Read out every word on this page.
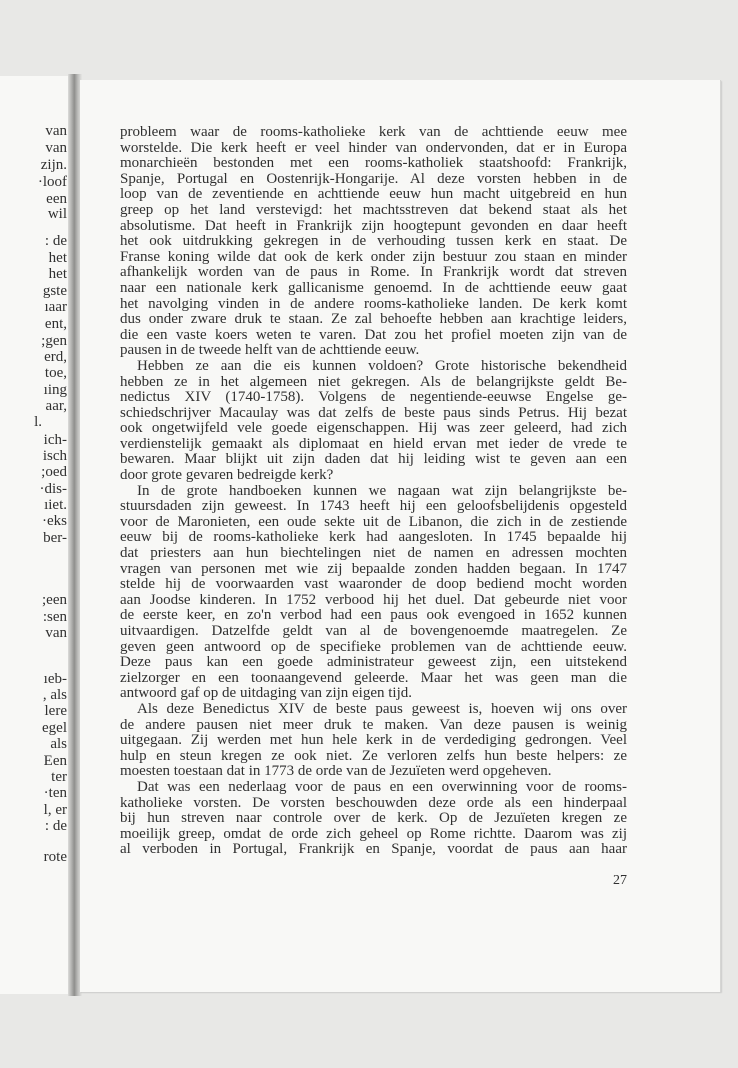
van
van
zijn.
·loof
een
wil
: de
het
het
gste
ıaar
ent,
;gen
erd,
toe,
ıing
aar,
l.
ich-
isch
;oed
·dis-
ıiet.
·eks
ber-
;een
:sen
van
ıeb-
, als
lere
egel
als
Een
ter
·ten
l, er
: de
rote
probleem waar de rooms-katholieke kerk van de achttiende eeuw mee
worstelde. Die kerk heeft er veel hinder van ondervonden, dat er in Europa
monarchieën bestonden met een rooms-katholiek staatshoofd: Frankrijk,
Spanje, Portugal en Oostenrijk-Hongarije. Al deze vorsten hebben in de
loop van de zeventiende en achttiende eeuw hun macht uitgebreid en hun
greep op het land verstevigd: het machtsstreven dat bekend staat als het
absolutisme. Dat heeft in Frankrijk zijn hoogtepunt gevonden en daar heeft
het ook uitdrukking gekregen in de verhouding tussen kerk en staat. De
Franse koning wilde dat ook de kerk onder zijn bestuur zou staan en minder
afhankelijk worden van de paus in Rome. In Frankrijk wordt dat streven
naar een nationale kerk gallicanisme genoemd. In de achttiende eeuw gaat
het navolging vinden in de andere rooms-katholieke landen. De kerk komt
dus onder zware druk te staan. Ze zal behoefte hebben aan krachtige leiders,
die een vaste koers weten te varen. Dat zou het profiel moeten zijn van de
pausen in de tweede helft van de achttiende eeuw.
Hebben ze aan die eis kunnen voldoen? Grote historische bekendheid
hebben ze in het algemeen niet gekregen. Als de belangrijkste geldt Be-
nedictus XIV (1740-1758). Volgens de negentiende-eeuwse Engelse ge-
schiedschrijver Macaulay was dat zelfs de beste paus sinds Petrus. Hij bezat
ook ongetwijfeld vele goede eigenschappen. Hij was zeer geleerd, had zich
verdienstelijk gemaakt als diplomaat en hield ervan met ieder de vrede te
bewaren. Maar blijkt uit zijn daden dat hij leiding wist te geven aan een
door grote gevaren bedreigde kerk?
In de grote handboeken kunnen we nagaan wat zijn belangrijkste be-
stuursdaden zijn geweest. In 1743 heeft hij een geloofsbelijdenis opgesteld
voor de Maronieten, een oude sekte uit de Libanon, die zich in de zestiende
eeuw bij de rooms-katholieke kerk had aangesloten. In 1745 bepaalde hij
dat priesters aan hun biechtelingen niet de namen en adressen mochten
vragen van personen met wie zij bepaalde zonden hadden begaan. In 1747
stelde hij de voorwaarden vast waaronder de doop bediend mocht worden
aan Joodse kinderen. In 1752 verbood hij het duel. Dat gebeurde niet voor
de eerste keer, en zo'n verbod had een paus ook evengoed in 1652 kunnen
uitvaardigen. Datzelfde geldt van al de bovengenoemde maatregelen. Ze
geven geen antwoord op de specifieke problemen van de achttiende eeuw.
Deze paus kan een goede administrateur geweest zijn, een uitstekend
zielzorger en een toonaangevend geleerde. Maar het was geen man die
antwoord gaf op de uitdaging van zijn eigen tijd.
Als deze Benedictus XIV de beste paus geweest is, hoeven wij ons over
de andere pausen niet meer druk te maken. Van deze pausen is weinig
uitgegaan. Zij werden met hun hele kerk in de verdediging gedrongen. Veel
hulp en steun kregen ze ook niet. Ze verloren zelfs hun beste helpers: ze
moesten toestaan dat in 1773 de orde van de Jezuïeten werd opgeheven.
Dat was een nederlaag voor de paus en een overwinning voor de rooms-
katholieke vorsten. De vorsten beschouwden deze orde als een hinderpaal
bij hun streven naar controle over de kerk. Op de Jezuïeten kregen ze
moeilijk greep, omdat de orde zich geheel op Rome richtte. Daarom was zij
al verboden in Portugal, Frankrijk en Spanje, voordat de paus aan haar
27
